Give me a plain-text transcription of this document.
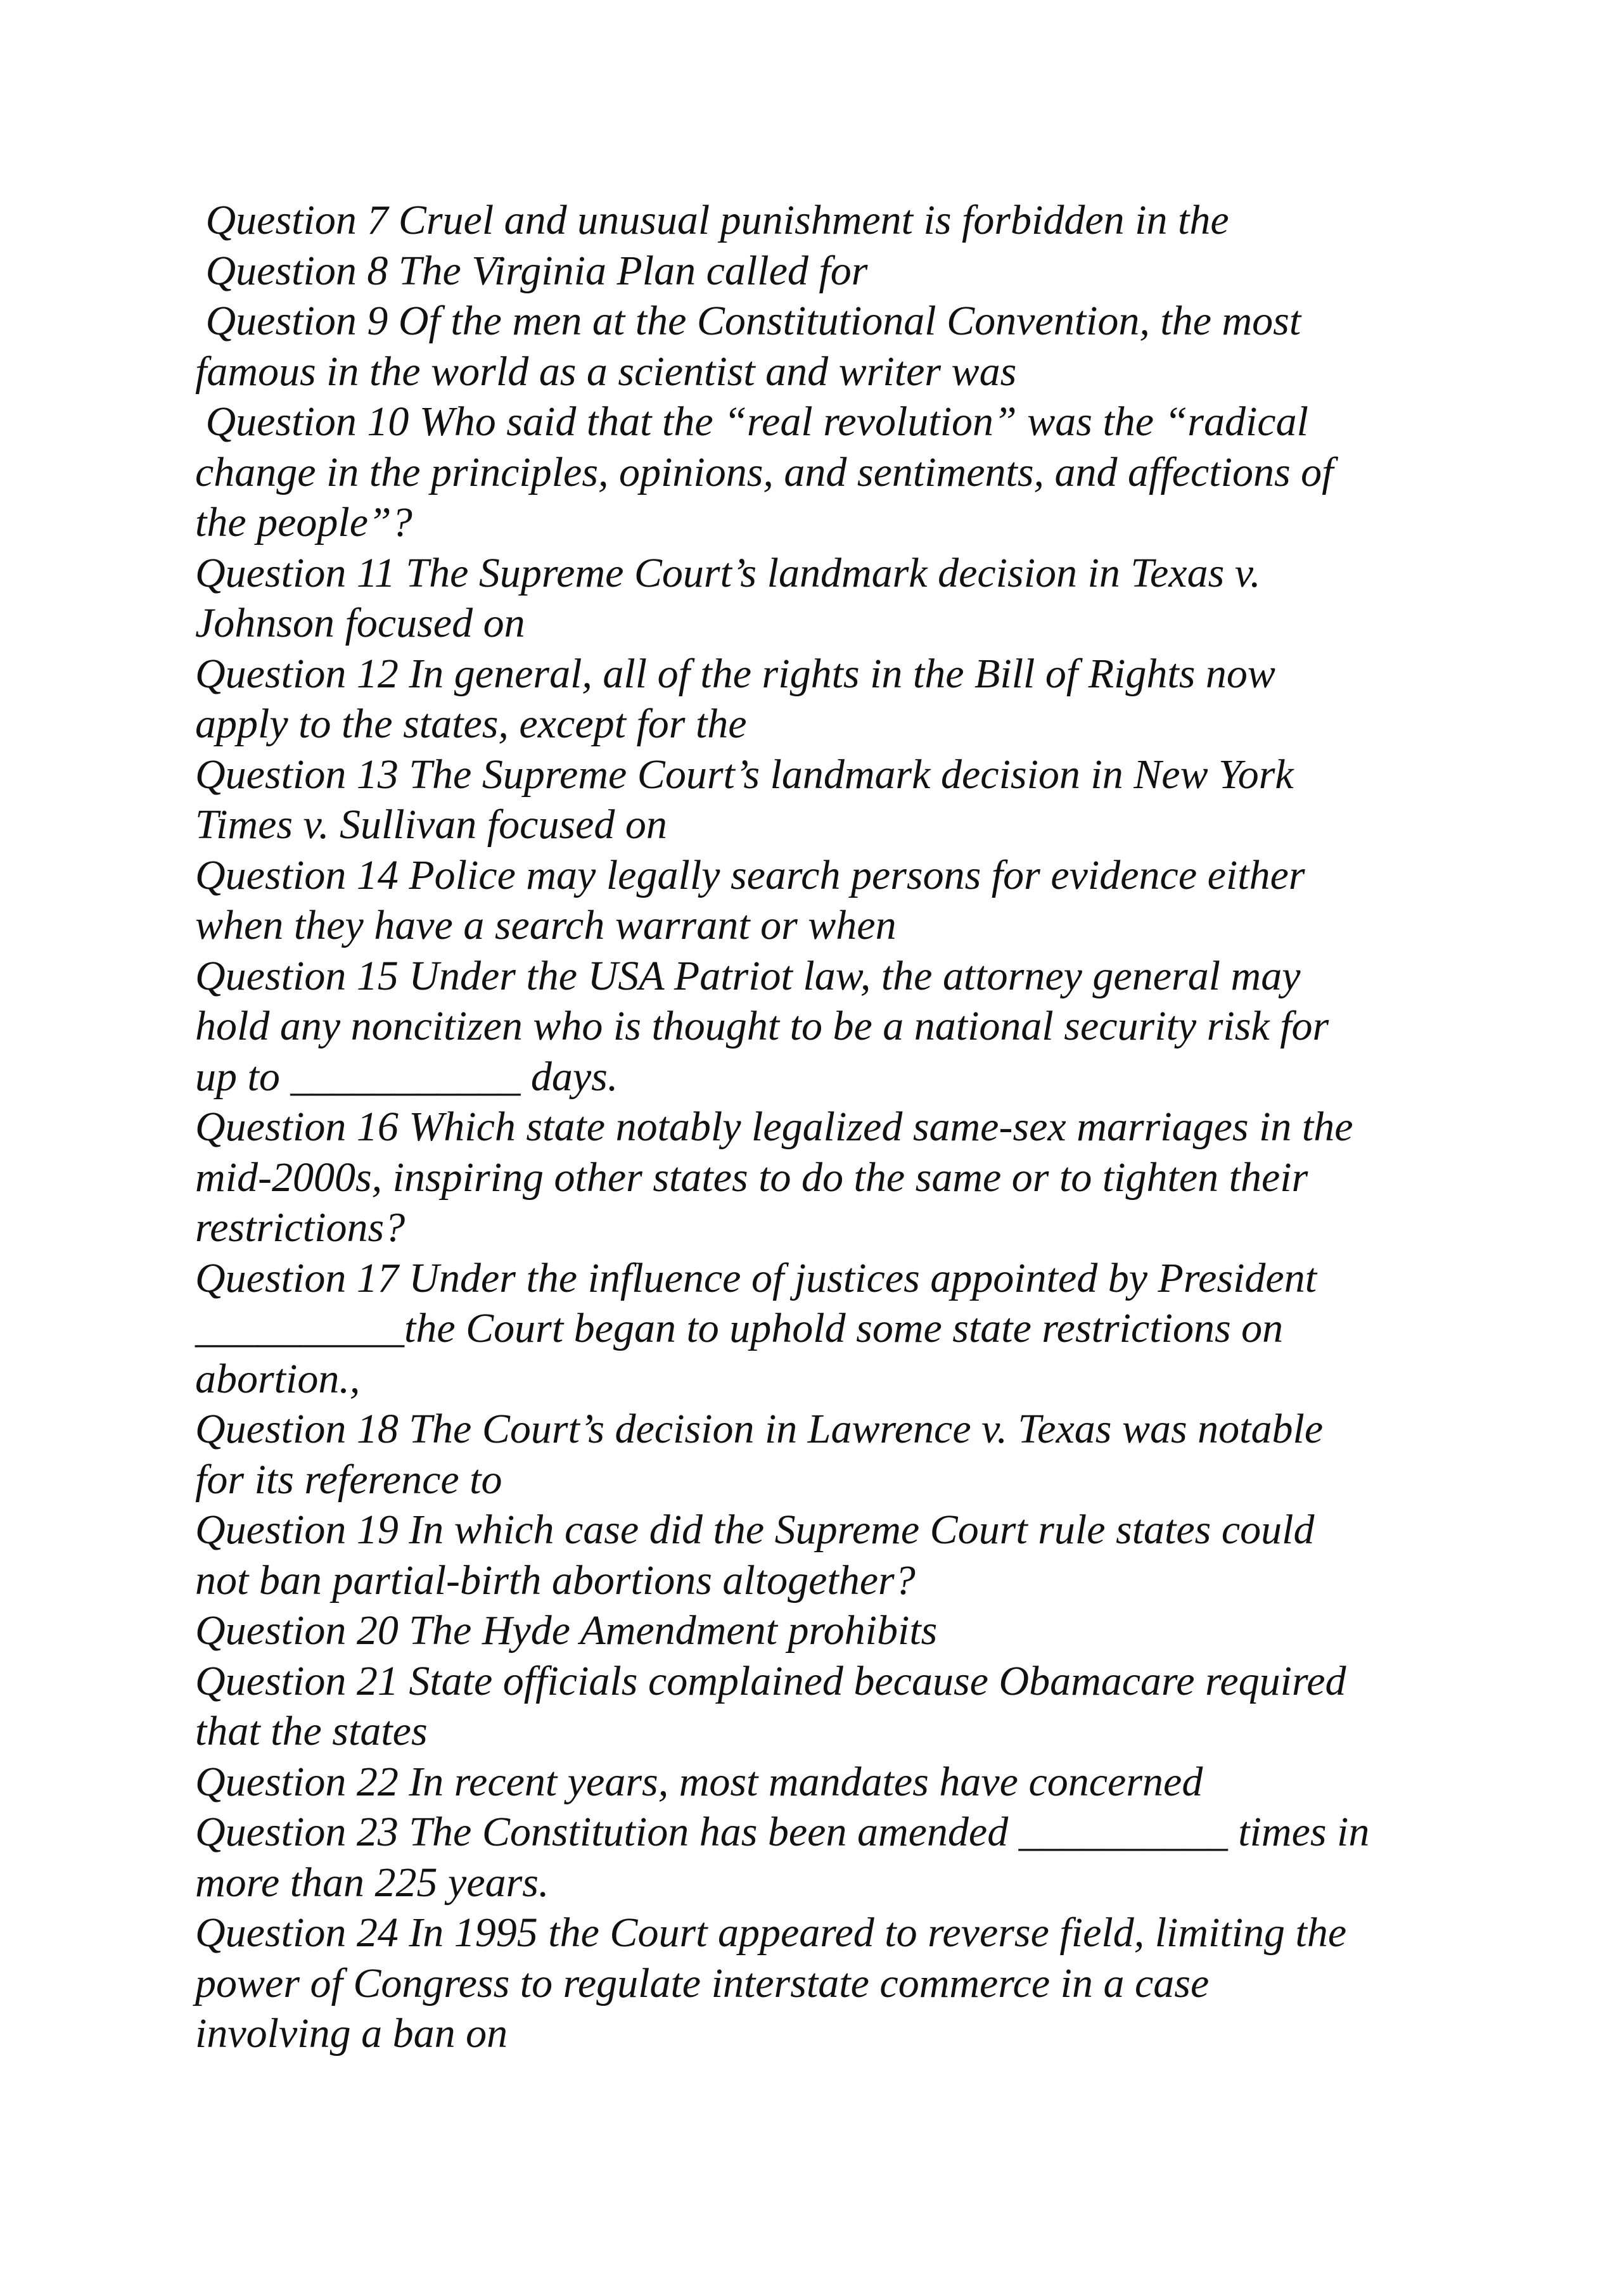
Question 7 Cruel and unusual punishment is forbidden in the
Question 8 The Virginia Plan called for
Question 9 Of the men at the Constitutional Convention, the most
famous in the world as a scientist and writer was
Question 10 Who said that the “real revolution” was the “radical
change in the principles, opinions, and sentiments, and affections of
the people”?
Question 11 The Supreme Court’s landmark decision in Texas v.
Johnson focused on
Question 12 In general, all of the rights in the Bill of Rights now
apply to the states, except for the
Question 13 The Supreme Court’s landmark decision in New York
Times v. Sullivan focused on
Question 14 Police may legally search persons for evidence either
when they have a search warrant or when
Question 15 Under the USA Patriot law, the attorney general may
hold any noncitizen who is thought to be a national security risk for
up to ___________ days.
Question 16 Which state notably legalized same-sex marriages in the
mid-2000s, inspiring other states to do the same or to tighten their
restrictions?
Question 17 Under the influence of justices appointed by President
__________the Court began to uphold some state restrictions on
abortion.,
Question 18 The Court’s decision in Lawrence v. Texas was notable
for its reference to
Question 19 In which case did the Supreme Court rule states could
not ban partial-birth abortions altogether?
Question 20 The Hyde Amendment prohibits
Question 21 State officials complained because Obamacare required
that the states
Question 22 In recent years, most mandates have concerned
Question 23 The Constitution has been amended __________ times in
more than 225 years.
Question 24 In 1995 the Court appeared to reverse field, limiting the
power of Congress to regulate interstate commerce in a case
involving a ban on
